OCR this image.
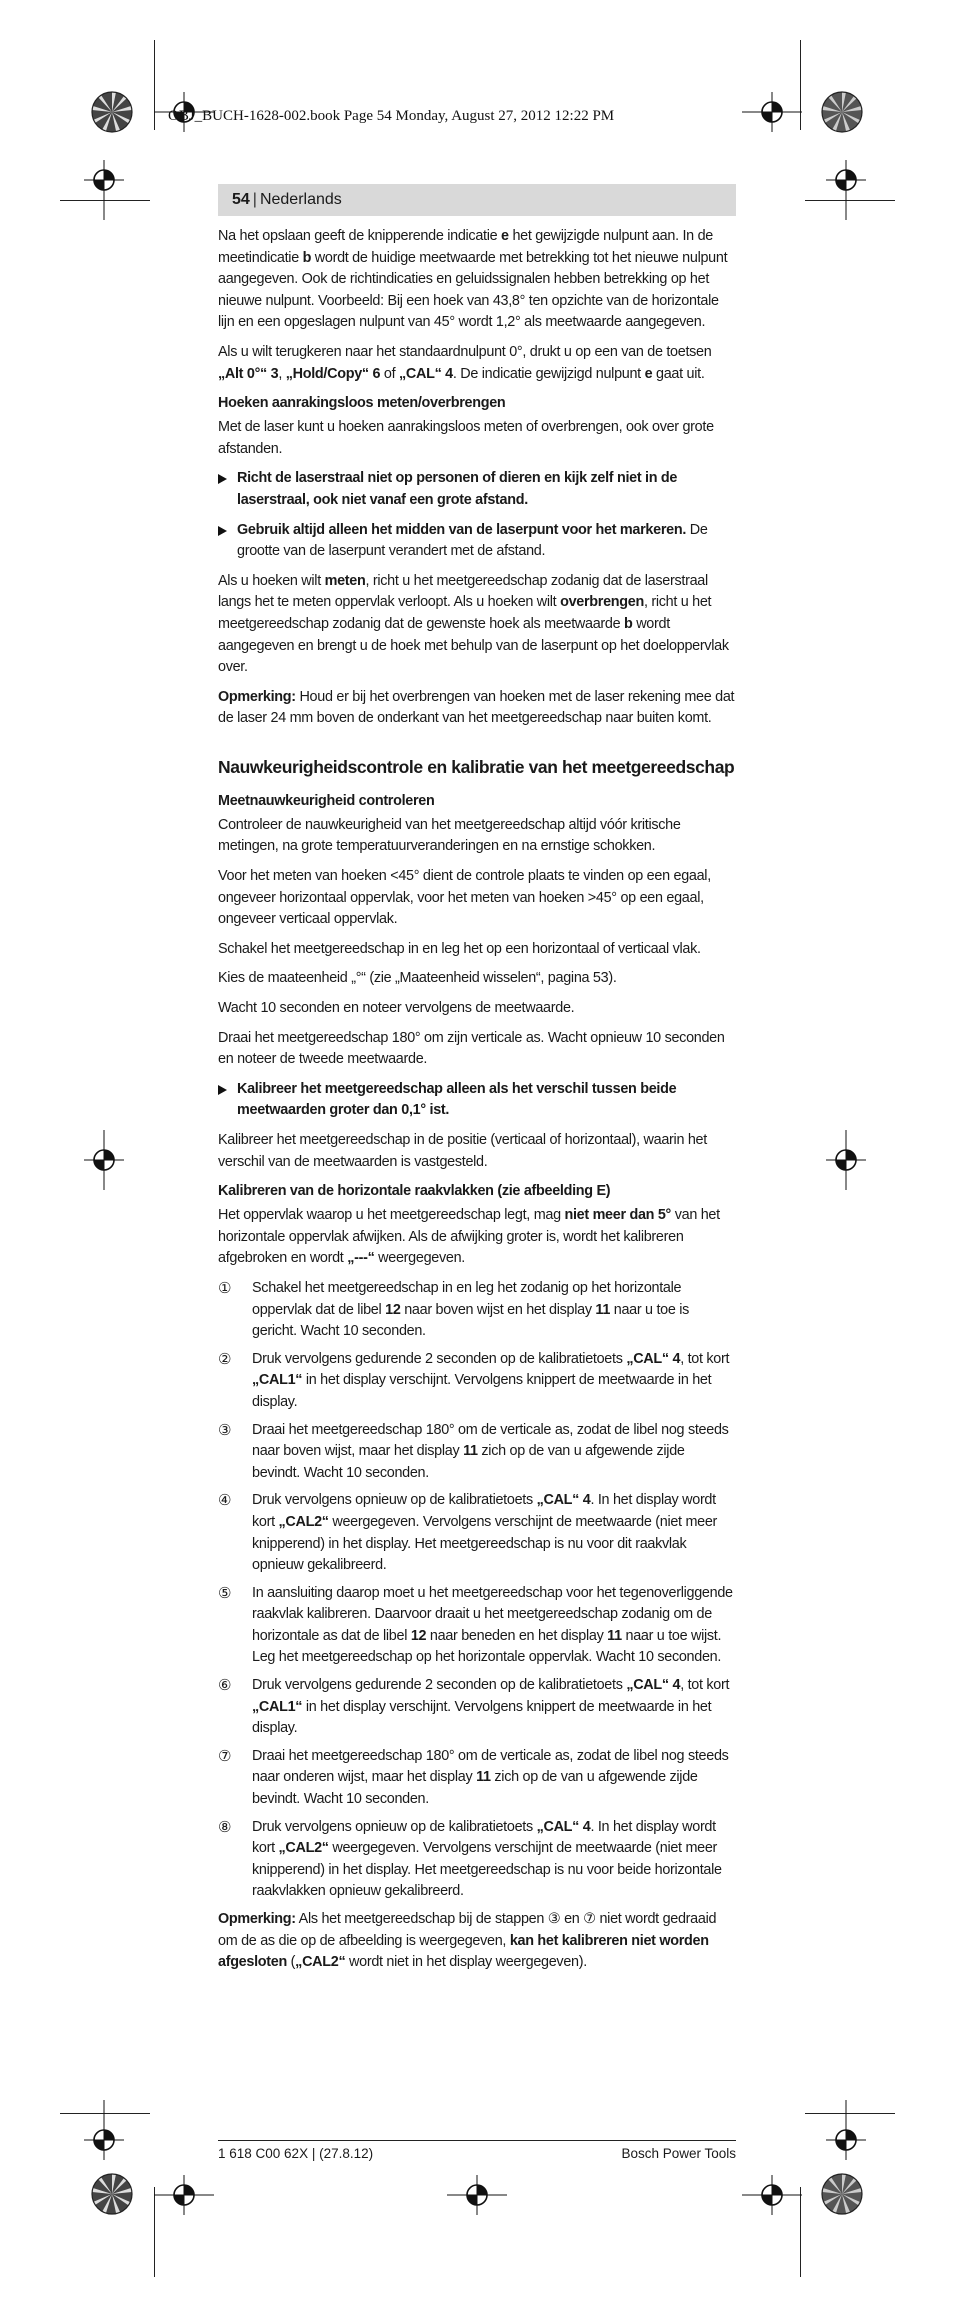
OBJ_BUCH-1628-002.book Page 54 Monday, August 27, 2012 12:22 PM
54 | Nederlands

Na het opslaan geeft de knipperende indicatie e het gewijzigde nulpunt aan. In de meetindicatie b wordt de huidige meetwaarde met betrekking tot het nieuwe nulpunt aangegeven. Ook de richtindicaties en geluidssignalen hebben betrekking op het nieuwe nulpunt. Voorbeeld: Bij een hoek van 43,8° ten opzichte van de horizontale lijn en een opgeslagen nulpunt van 45° wordt 1,2° als meetwaarde aangegeven.

Als u wilt terugkeren naar het standaardnulpunt 0°, drukt u op een van de toetsen „Alt 0°“ 3, „Hold/Copy“ 6 of „CAL“ 4. De indicatie gewijzigd nulpunt e gaat uit.

Hoeken aanrakingsloos meten/overbrengen

Met de laser kunt u hoeken aanrakingsloos meten of overbrengen, ook over grote afstanden.

Richt de laserstraal niet op personen of dieren en kijk zelf niet in de laserstraal, ook niet vanaf een grote afstand.
Gebruik altijd alleen het midden van de laserpunt voor het markeren. De grootte van de laserpunt verandert met de afstand.

Als u hoeken wilt meten, richt u het meetgereedschap zodanig dat de laserstraal langs het te meten oppervlak verloopt. Als u hoeken wilt overbrengen, richt u het meetgereedschap zodanig dat de gewenste hoek als meetwaarde b wordt aangegeven en brengt u de hoek met behulp van de laserpunt op het doeloppervlak over.

Opmerking: Houd er bij het overbrengen van hoeken met de laser rekening mee dat de laser 24 mm boven de onderkant van het meetgereedschap naar buiten komt.

Nauwkeurigheidscontrole en kalibratie van het meetgereedschap
Meetnauwkeurigheid controleren

Controleer de nauwkeurigheid van het meetgereedschap altijd vóór kritische metingen, na grote temperatuurveranderingen en na ernstige schokken.

Voor het meten van hoeken <45° dient de controle plaats te vinden op een egaal, ongeveer horizontaal oppervlak, voor het meten van hoeken >45° op een egaal, ongeveer verticaal oppervlak.

Schakel het meetgereedschap in en leg het op een horizontaal of verticaal vlak.

Kies de maateenheid „°“ (zie „Maateenheid wisselen“, pagina 53).

Wacht 10 seconden en noteer vervolgens de meetwaarde.

Draai het meetgereedschap 180° om zijn verticale as. Wacht opnieuw 10 seconden en noteer de tweede meetwaarde.

Kalibreer het meetgereedschap alleen als het verschil tussen beide meetwaarden groter dan 0,1° ist.

Kalibreer het meetgereedschap in de positie (verticaal of horizontaal), waarin het verschil van de meetwaarden is vastgesteld.

Kalibreren van de horizontale raakvlakken (zie afbeelding E)

Het oppervlak waarop u het meetgereedschap legt, mag niet meer dan 5° van het horizontale oppervlak afwijken. Als de afwijking groter is, wordt het kalibreren afgebroken en wordt „---“ weergegeven.

①	Schakel het meetgereedschap in en leg het zodanig op het horizontale oppervlak dat de libel 12 naar boven wijst en het display 11 naar u toe is gericht. Wacht 10 seconden.
②	Druk vervolgens gedurende 2 seconden op de kalibratietoets „CAL“ 4, tot kort „CAL1“ in het display verschijnt. Vervolgens knippert de meetwaarde in het display.
③	Draai het meetgereedschap 180° om de verticale as, zodat de libel nog steeds naar boven wijst, maar het display 11 zich op de van u afgewende zijde bevindt. Wacht 10 seconden.
④	Druk vervolgens opnieuw op de kalibratietoets „CAL“ 4. In het display wordt kort „CAL2“ weergegeven. Vervolgens verschijnt de meetwaarde (niet meer knipperend) in het display. Het meetgereedschap is nu voor dit raakvlak opnieuw gekalibreerd.
⑤	In aansluiting daarop moet u het meetgereedschap voor het tegenoverliggende raakvlak kalibreren. Daarvoor draait u het meetgereedschap zodanig om de horizontale as dat de libel 12 naar beneden en het display 11 naar u toe wijst. Leg het meetgereedschap op het horizontale oppervlak. Wacht 10 seconden.
⑥	Druk vervolgens gedurende 2 seconden op de kalibratietoets „CAL“ 4, tot kort „CAL1“ in het display verschijnt. Vervolgens knippert de meetwaarde in het display.
⑦	Draai het meetgereedschap 180° om de verticale as, zodat de libel nog steeds naar onderen wijst, maar het display 11 zich op de van u afgewende zijde bevindt. Wacht 10 seconden.
⑧	Druk vervolgens opnieuw op de kalibratietoets „CAL“ 4. In het display wordt kort „CAL2“ weergegeven. Vervolgens verschijnt de meetwaarde (niet meer knipperend) in het display. Het meetgereedschap is nu voor beide horizontale raakvlakken opnieuw gekalibreerd.

Opmerking: Als het meetgereedschap bij de stappen ③ en ⑦ niet wordt gedraaid om de as die op de afbeelding is weergegeven, kan het kalibreren niet worden afgesloten („CAL2“ wordt niet in het display weergegeven).

1 618 C00 62X | (27.8.12)	Bosch Power Tools
